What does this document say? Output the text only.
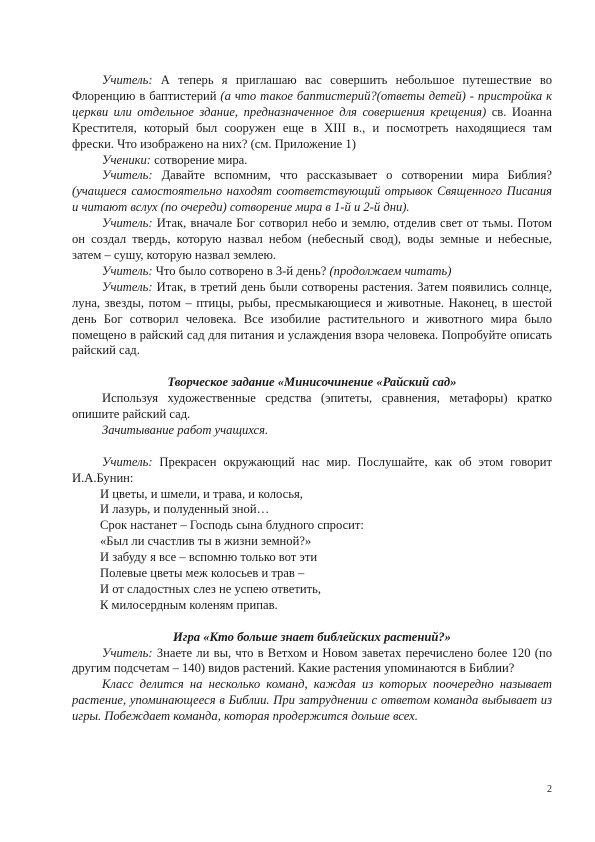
Учитель: А теперь я приглашаю вас совершить небольшое путешествие во Флоренцию в баптистерий (а что такое баптистерий?(ответы детей) - пристройка к церкви или отдельное здание, предназначенное для совершения крещения) св. Иоанна Крестителя, который был сооружен еще в XIII в., и посмотреть находящиеся там фрески. Что изображено на них? (см. Приложение 1)

Ученики: сотворение мира.

Учитель: Давайте вспомним, что рассказывает о сотворении мира Библия? (учащиеся самостоятельно находят соответствующий отрывок Священного Писания и читают вслух (по очереди) сотворение мира в 1-й и 2-й дни).

Учитель: Итак, вначале Бог сотворил небо и землю, отделив свет от тьмы. Потом он создал твердь, которую назвал небом (небесный свод), воды земные и небесные, затем – сушу, которую назвал землею.

Учитель: Что было сотворено в 3-й день? (продолжаем читать)

Учитель: Итак, в третий день были сотворены растения. Затем появились солнце, луна, звезды, потом – птицы, рыбы, пресмыкающиеся и животные. Наконец, в шестой день Бог сотворил человека. Все изобилие растительного и животного мира было помещено в райский сад для питания и услаждения взора человека. Попробуйте описать райский сад.

Творческое задание «Минисочинение «Райский сад»

Используя художественные средства (эпитеты, сравнения, метафоры) кратко опишите райский сад.

Зачитывание работ учащихся.

Учитель: Прекрасен окружающий нас мир. Послушайте, как об этом говорит И.А.Бунин:

И цветы, и шмели, и трава, и колосья,
И лазурь, и полуденный зной…
Срок настанет – Господь сына блудного спросит:
«Был ли счастлив ты в жизни земной?»
И забуду я все – вспомню только вот эти
Полевые цветы меж колосьев и трав –
И от сладостных слез не успею ответить,
К милосердным коленям припав.

Игра «Кто больше знает библейских растений?»

Учитель: Знаете ли вы, что в Ветхом и Новом заветах перечислено более 120 (по другим подсчетам – 140) видов растений. Какие растения упоминаются в Библии?

Класс делится на несколько команд, каждая из которых поочередно называет растение, упоминающееся в Библии. При затруднении с ответом команда выбывает из игры. Побеждает команда, которая продержится дольше всех.

2
